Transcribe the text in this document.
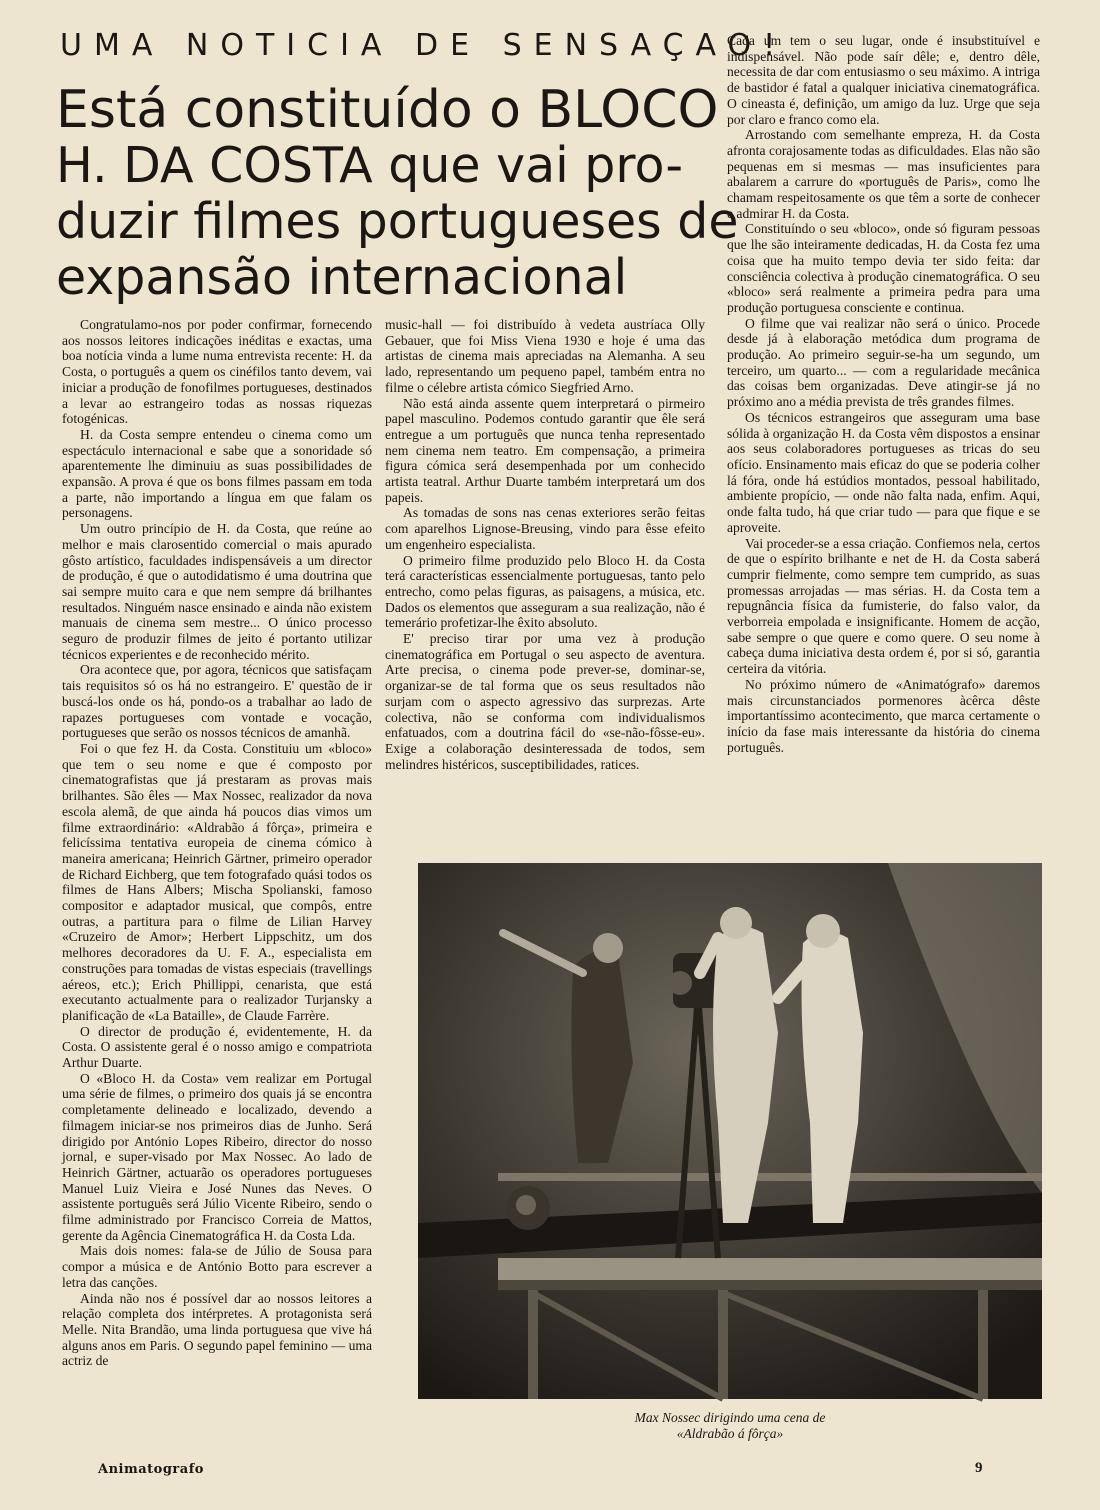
UMA NOTICIA DE SENSAÇAO!
Está constituído o BLOCO
H. DA COSTA que vai pro-
duzir filmes portugueses de
expansão internacional

Congratulamo-nos por poder confirmar, fornecendo aos nossos leitores indicações inéditas e exactas, uma boa notícia vinda a lume numa entrevista recente: H. da Costa, o português a quem os cinéfilos tanto devem, vai iniciar a produção de fonofilmes portugueses, destinados a levar ao estrangeiro todas as nossas riquezas fotogénicas.

H. da Costa sempre entendeu o cinema como um espectáculo internacional e sabe que a sonoridade só aparentemente lhe diminuiu as suas possibilidades de expansão. A prova é que os bons filmes passam em toda a parte, não importando a língua em que falam os personagens.

Um outro princípio de H. da Costa, que reúne ao melhor e mais clarosentido comercial o mais apurado gôsto artístico, faculdades indispensáveis a um director de produção, é que o autodidatismo é uma doutrina que sai sempre muito cara e que nem sempre dá brilhantes resultados. Ninguém nasce ensinado e ainda não existem manuais de cinema sem mestre... O único processo seguro de produzir filmes de jeito é portanto utilizar técnicos experientes e de reconhecido mérito.

Ora acontece que, por agora, técnicos que satisfaçam tais requisitos só os há no estrangeiro. E' questão de ir buscá-los onde os há, pondo-os a trabalhar ao lado de rapazes portugueses com vontade e vocação, portugueses que serão os nossos técnicos de amanhã.

Foi o que fez H. da Costa. Constituiu um «bloco» que tem o seu nome e que é composto por cinematografistas que já prestaram as provas mais brilhantes. São êles — Max Nossec, realizador da nova escola alemã, de que ainda há poucos dias vimos um filme extraordinário: «Aldrabão á fôrça», primeira e felicíssima tentativa europeia de cinema cómico à maneira americana; Heinrich Gärtner, primeiro operador de Richard Eichberg, que tem fotografado quási todos os filmes de Hans Albers; Mischa Spolianski, famoso compositor e adaptador musical, que compôs, entre outras, a partitura para o filme de Lilian Harvey «Cruzeiro de Amor»; Herbert Lippschitz, um dos melhores decoradores da U. F. A., especialista em construções para tomadas de vistas especiais (travellings aéreos, etc.); Erich Phillippi, cenarista, que está executanto actualmente para o realizador Turjansky a planificação de «La Bataille», de Claude Farrère.

O director de produção é, evidentemente, H. da Costa. O assistente geral é o nosso amigo e compatriota Arthur Duarte.

O «Bloco H. da Costa» vem realizar em Portugal uma série de filmes, o primeiro dos quais já se encontra completamente delineado e localizado, devendo a filmagem iniciar-se nos primeiros dias de Junho. Será dirigido por António Lopes Ribeiro, director do nosso jornal, e super-visado por Max Nossec. Ao lado de Heinrich Gärtner, actuarão os operadores portugueses Manuel Luiz Vieira e José Nunes das Neves. O assistente português será Júlio Vicente Ribeiro, sendo o filme administrado por Francisco Correia de Mattos, gerente da Agência Cinematográfica H. da Costa Lda.

Mais dois nomes: fala-se de Júlio de Sousa para compor a música e de António Botto para escrever a letra das canções.

Ainda não nos é possível dar ao nossos leitores a relação completa dos intérpretes. A protagonista será Melle. Nita Brandão, uma linda portuguesa que vive há alguns anos em Paris. O segundo papel feminino — uma actriz de

music-hall — foi distribuído à vedeta austríaca Olly Gebauer, que foi Miss Viena 1930 e hoje é uma das artistas de cinema mais apreciadas na Alemanha. A seu lado, representando um pequeno papel, também entra no filme o célebre artista cómico Siegfried Arno.

Não está ainda assente quem interpretará o pirmeiro papel masculino. Podemos contudo garantir que êle será entregue a um português que nunca tenha representado nem cinema nem teatro. Em compensação, a primeira figura cómica será desempenhada por um conhecido artista teatral. Arthur Duarte também interpretará um dos papeis.

As tomadas de sons nas cenas exteriores serão feitas com aparelhos Lignose-Breusing, vindo para êsse efeito um engenheiro especialista.

O primeiro filme produzido pelo Bloco H. da Costa terá características essencialmente portuguesas, tanto pelo entrecho, como pelas figuras, as paisagens, a música, etc. Dados os elementos que asseguram a sua realização, não é temerário profetizar-lhe êxito absoluto.

E' preciso tirar por uma vez à produção cinematográfica em Portugal o seu aspecto de aventura. Arte precisa, o cinema pode prever-se, dominar-se, organizar-se de tal forma que os seus resultados não surjam com o aspecto agressivo das surprezas. Arte colectiva, não se conforma com individualismos enfatuados, com a doutrina fácil do «se-não-fôsse-eu». Exige a colaboração desinteressada de todos, sem melindres histéricos, susceptibilidades, ratices.

Cada um tem o seu lugar, onde é insubstituível e indispensável. Não pode saír dêle; e, dentro dêle, necessita de dar com entusiasmo o seu máximo. A intriga de bastidor é fatal a qualquer iniciativa cinematográfica. O cineasta é, definição, um amigo da luz. Urge que seja por claro e franco como ela.

Arrostando com semelhante empreza, H. da Costa afronta corajosamente todas as dificuldades. Elas não são pequenas em si mesmas — mas insuficientes para abalarem a carrure do «português de Paris», como lhe chamam respeitosamente os que têm a sorte de conhecer e admirar H. da Costa.

Constituíndo o seu «bloco», onde só figuram pessoas que lhe são inteiramente dedicadas, H. da Costa fez uma coisa que ha muito tempo devia ter sido feita: dar consciência colectiva à produção cinematográfica. O seu «bloco» será realmente a primeira pedra para uma produção portuguesa consciente e continua.

O filme que vai realizar não será o único. Procede desde já à elaboração metódica dum programa de produção. Ao primeiro seguir-se-ha um segundo, um terceiro, um quarto... — com a regularidade mecânica das coisas bem organizadas. Deve atingir-se já no próximo ano a média prevista de três grandes filmes.

Os técnicos estrangeiros que asseguram uma base sólida à organização H. da Costa vêm dispostos a ensinar aos seus colaboradores portugueses as tricas do seu ofício. Ensinamento mais eficaz do que se poderia colher lá fóra, onde há estúdios montados, pessoal habilitado, ambiente propício, — onde não falta nada, enfim. Aqui, onde falta tudo, há que criar tudo — para que fique e se aproveite.

Vai proceder-se a essa criação. Confiemos nela, certos de que o espírito brilhante e net de H. da Costa saberá cumprir fielmente, como sempre tem cumprido, as suas promessas arrojadas — mas sérias. H. da Costa tem a repugnância física da fumisterie, do falso valor, da verborreia empolada e insignificante. Homem de acção, sabe sempre o que quere e como quere. O seu nome à cabeça duma iniciativa desta ordem é, por si só, garantia certeira da vitória.

No próximo número de «Animatógrafo» daremos mais circunstanciados pormenores àcêrca dêste importantíssimo acontecimento, que marca certamente o início da fase mais interessante da história do cinema português.

Max Nossec dirigindo uma cena de
«Aldrabão á fôrça»
Animatografo	9
